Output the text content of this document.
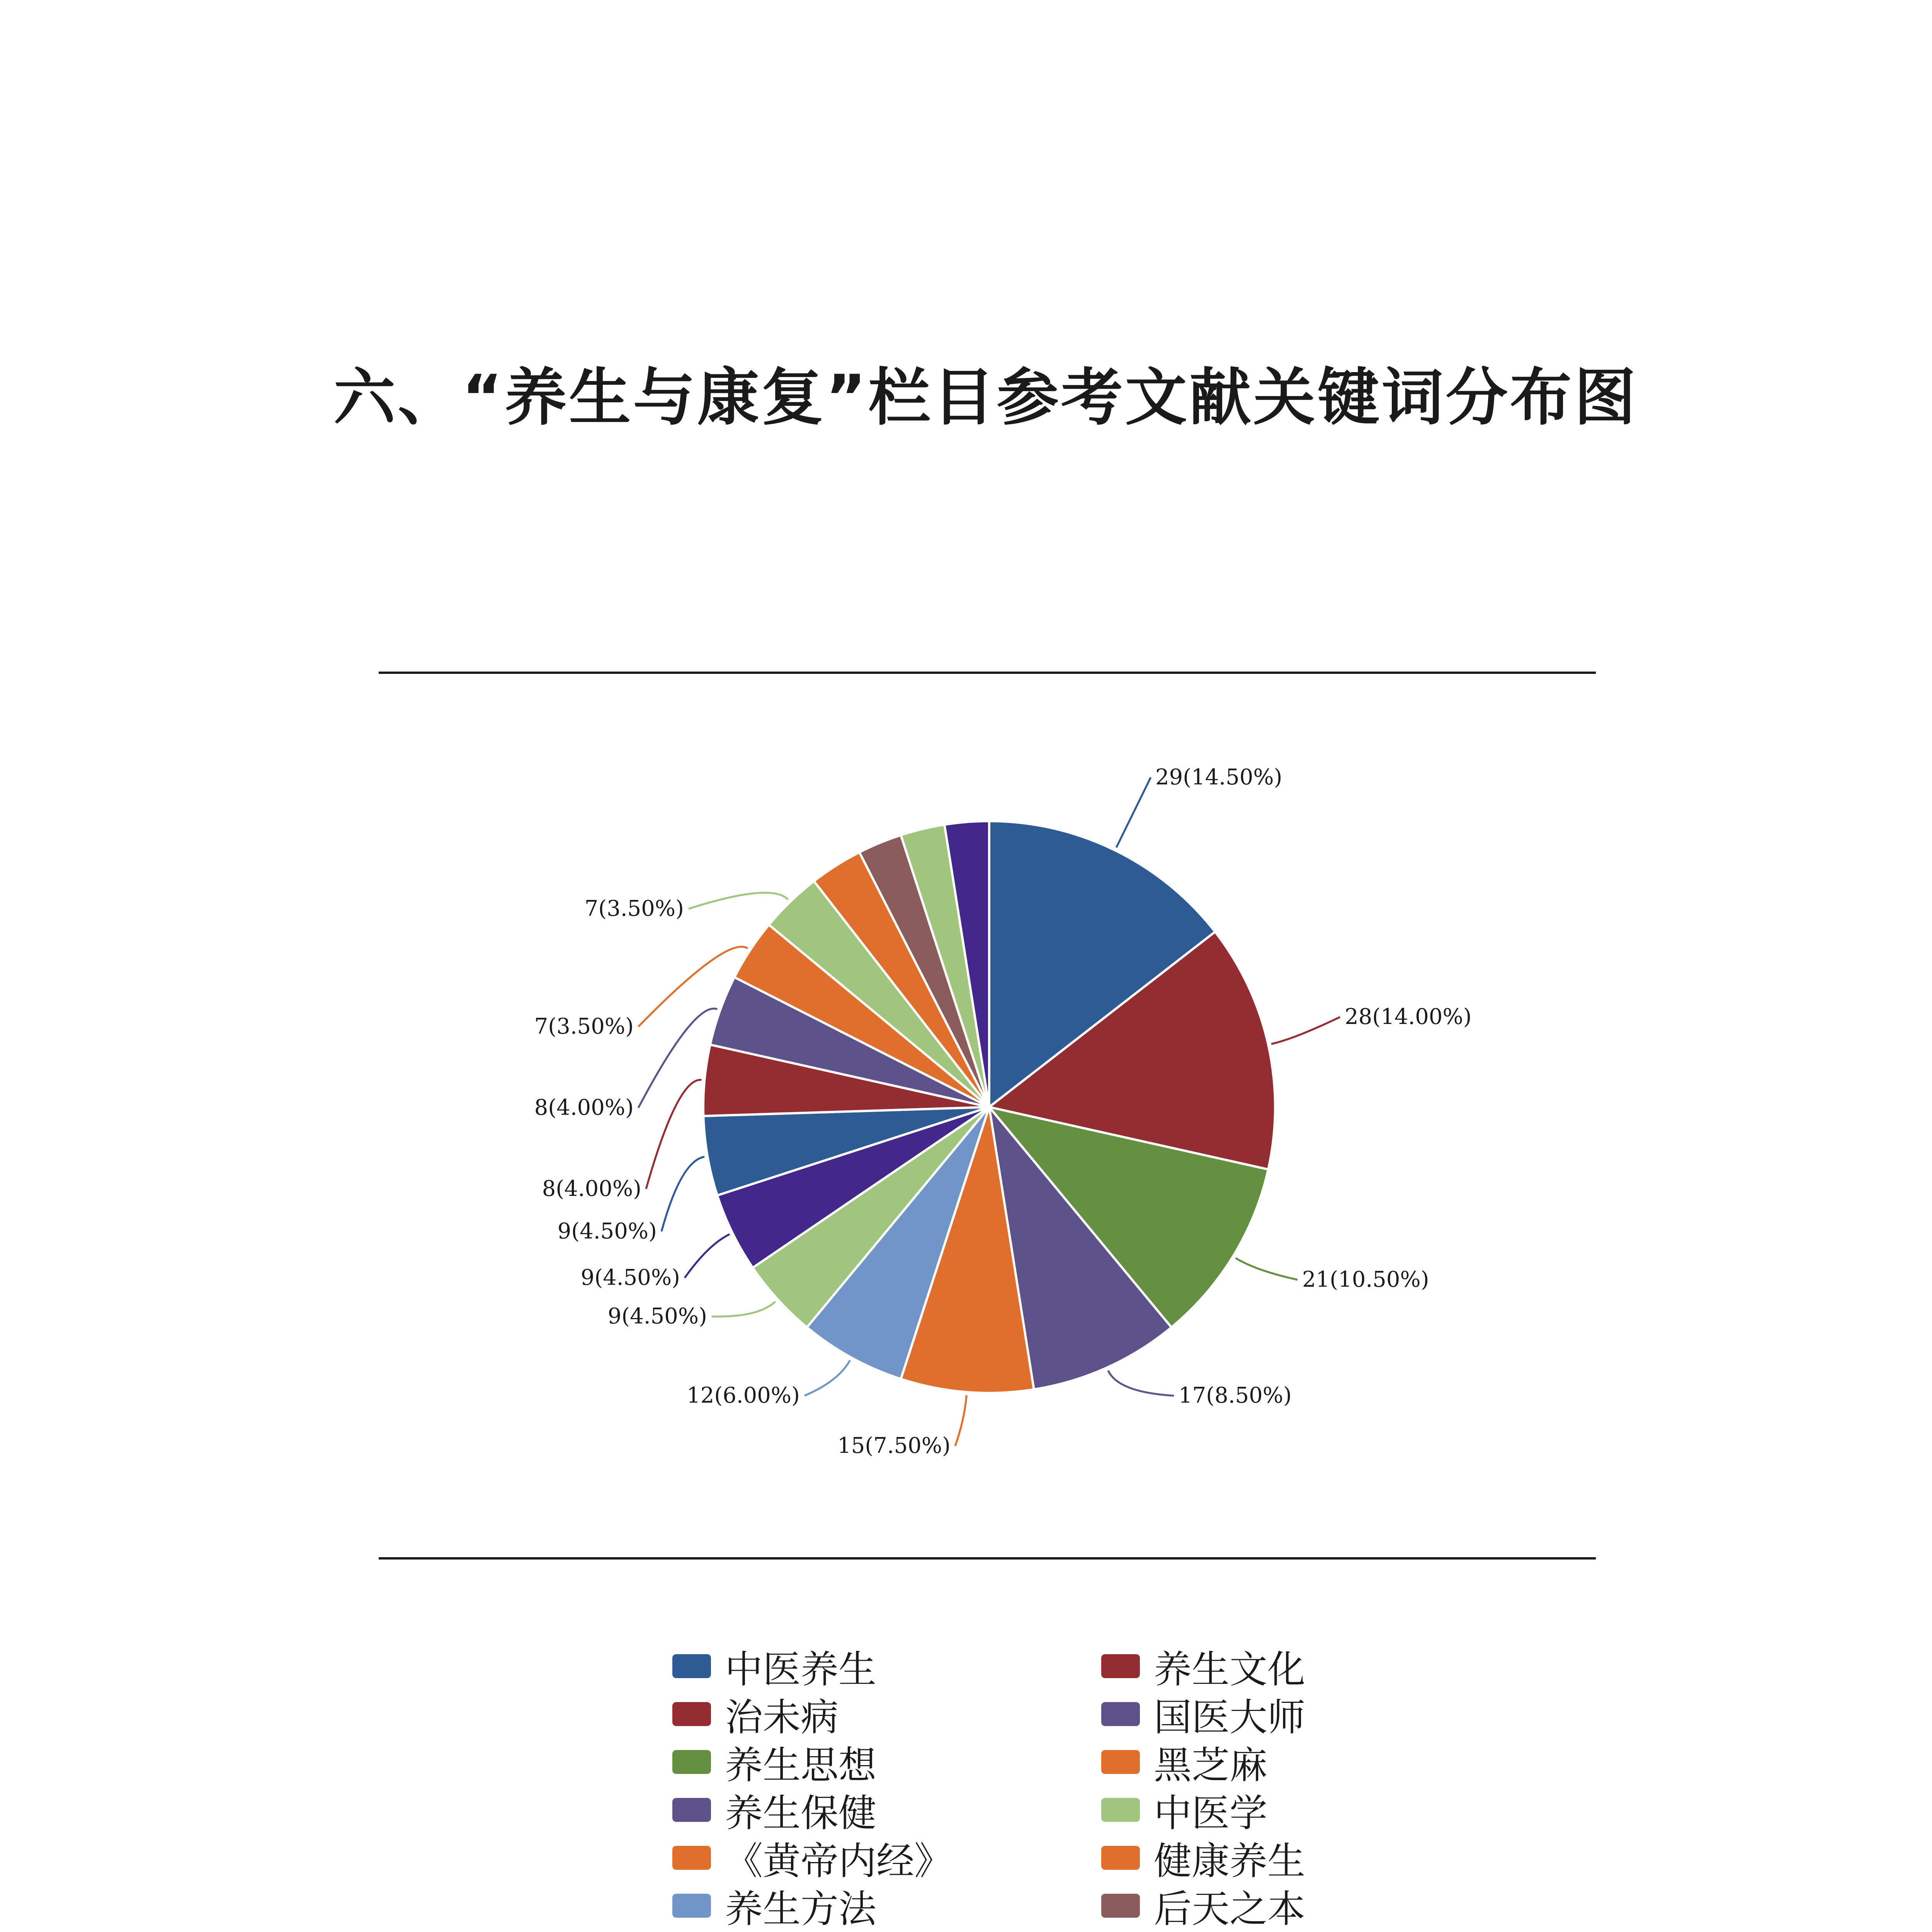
六、“养生与康复”栏目参考文献关键词分布图
29(14.50%)
28(14.00%)
21(10.50%)
17(8.50%)
15(7.50%)
12(6.00%)
9(4.50%)
9(4.50%)
9(4.50%)
8(4.00%)
8(4.00%)
7(3.50%)
7(3.50%)
中医养生	养生文化
治未病	国医大师
养生思想	黑芝麻
养生保健	中医学
《黄帝内经》	健康养生
养生方法	后天之本
